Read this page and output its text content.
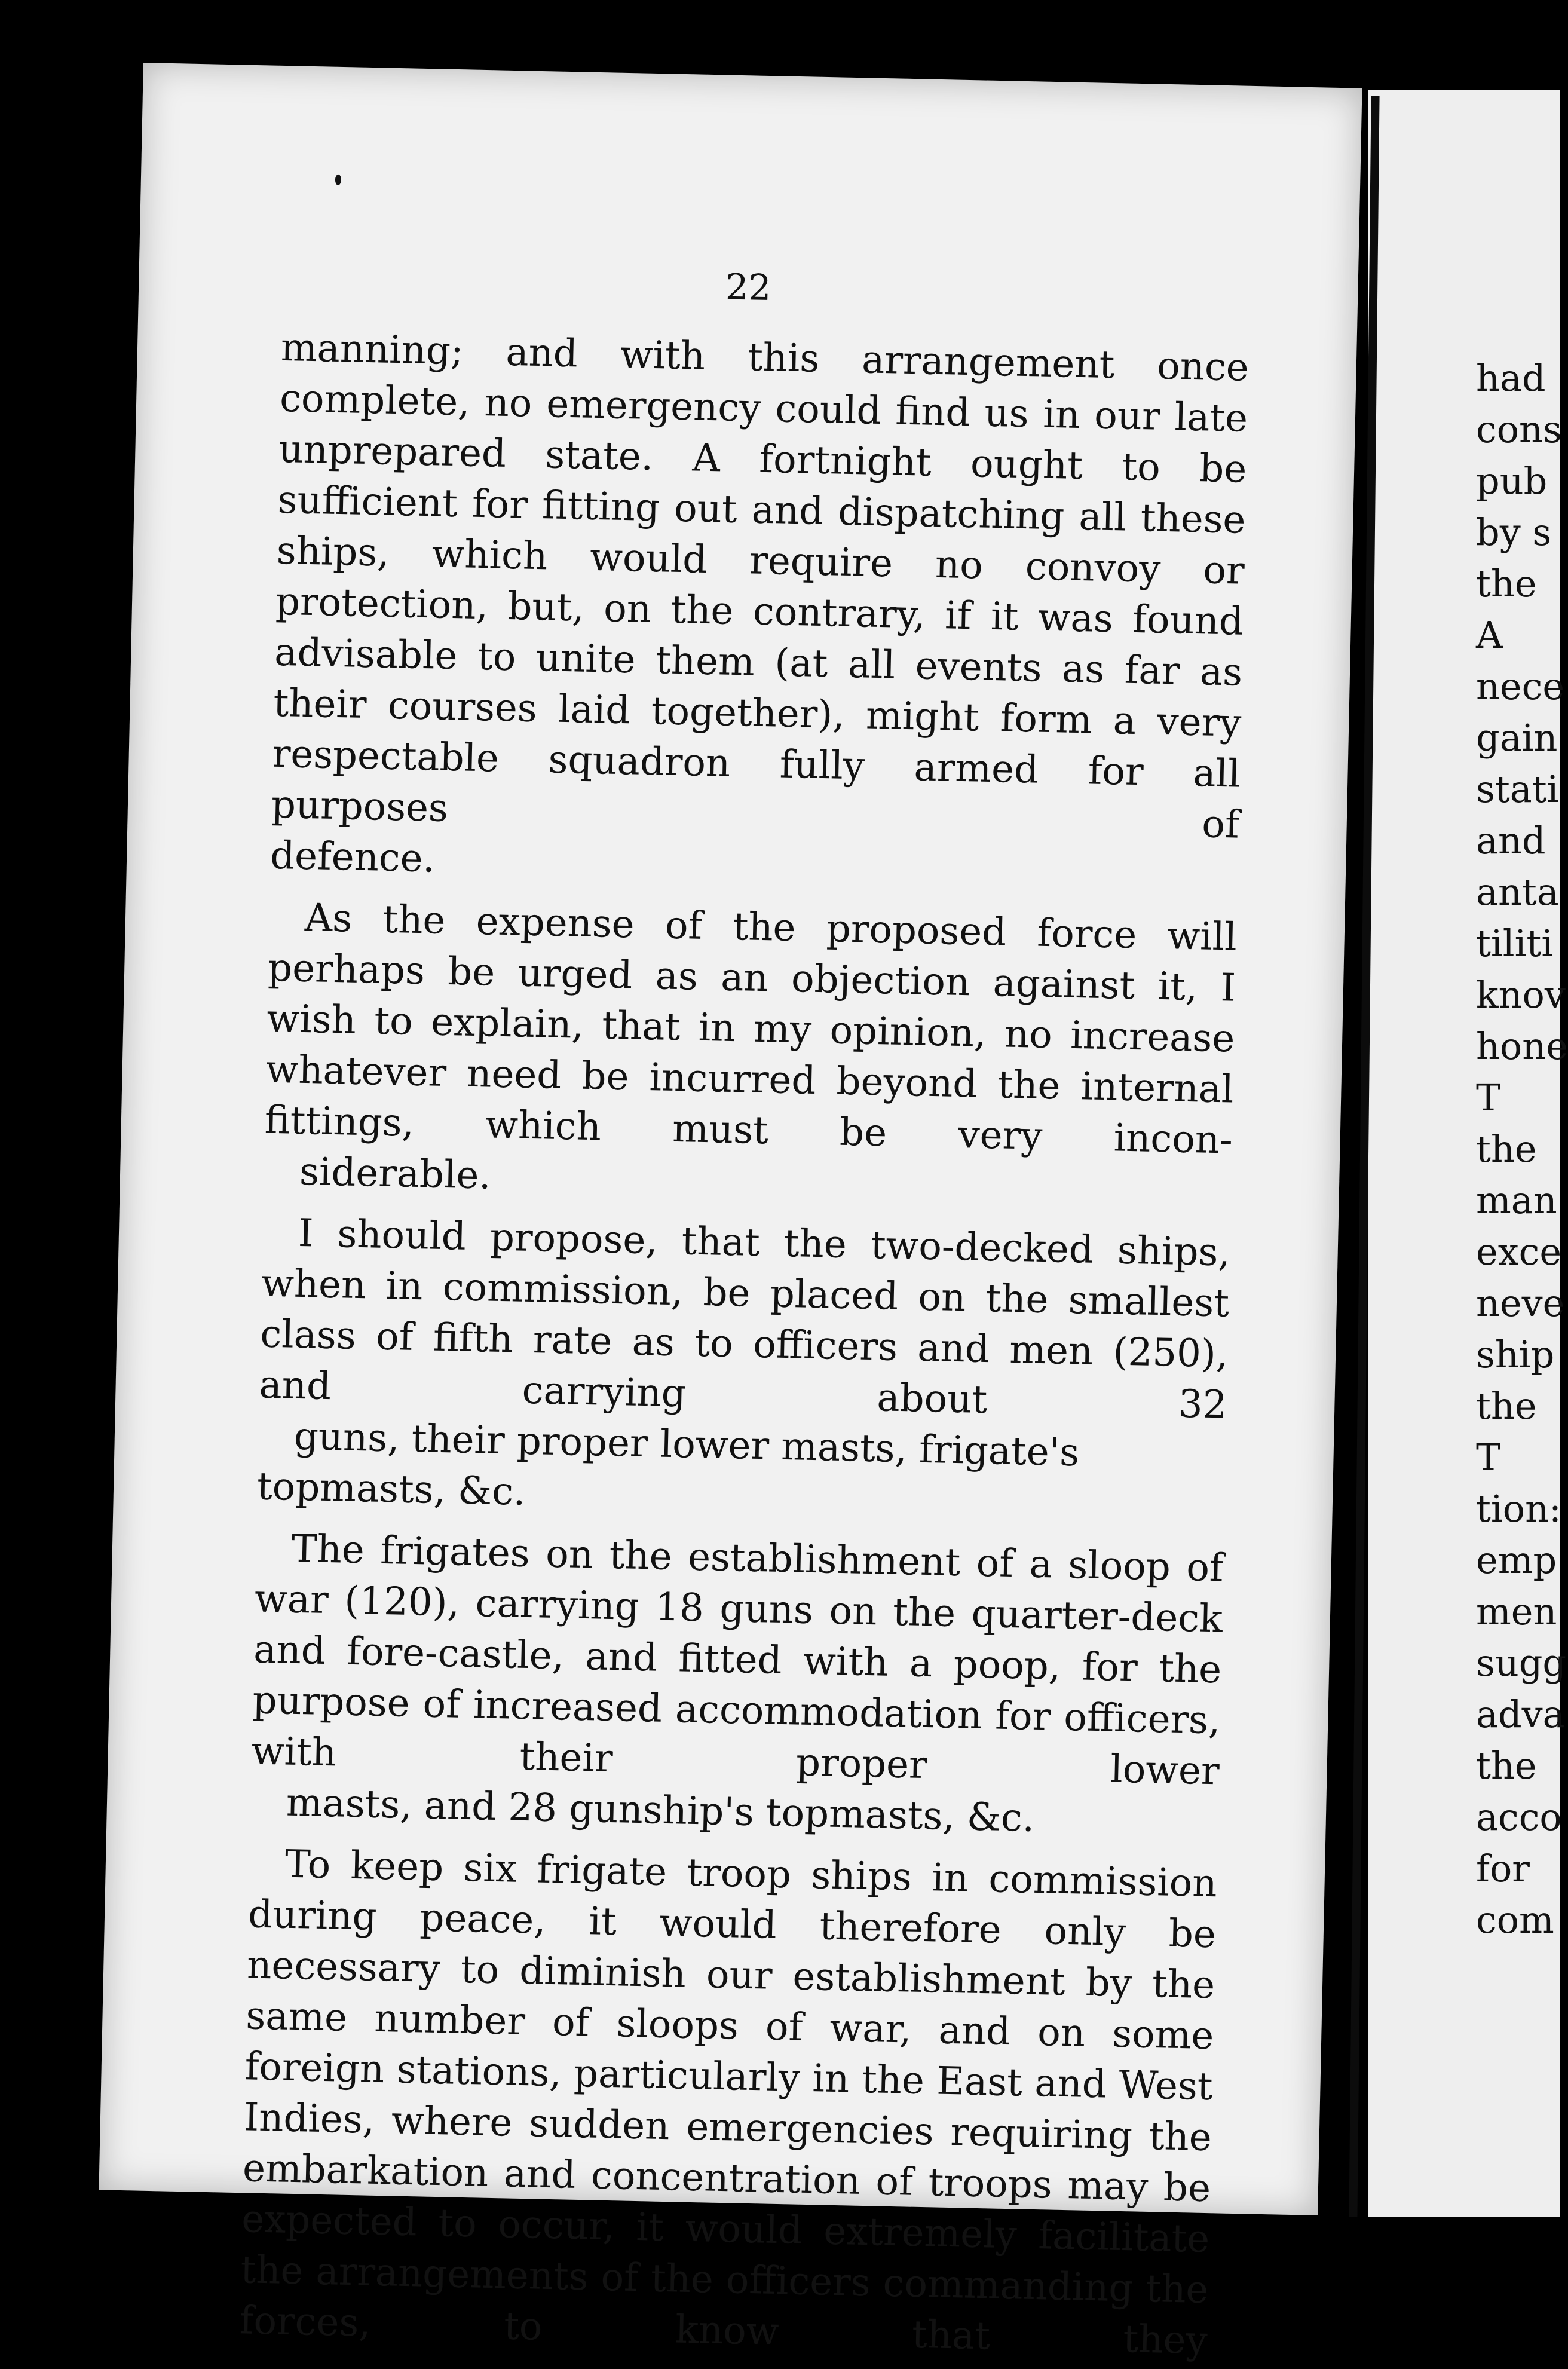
22

manning; and with this arrangement once complete, no emergency could find us in our late unprepared state. A fortnight ought to be sufficient for fitting out and dispatching all these ships, which would require no convoy or protection, but, on the contrary, if it was found advisable to unite them (at all events as far as their courses laid together), might form a very respectable squadron fully armed for all purposes of
defence.

As the expense of the proposed force will perhaps be urged as an objection against it, I wish to explain, that in my opinion, no increase whatever need be incurred beyond the internal fittings, which must be very incon-
siderable.

I should propose, that the two-decked ships, when in commission, be placed on the smallest class of fifth rate as to officers and men (250), and carrying about 32
guns, their proper lower masts, frigate's topmasts, &c.

The frigates on the establishment of a sloop of war (120), carrying 18 guns on the quarter-deck and fore-castle, and fitted with a poop, for the purpose of increased accommodation for officers, with their proper lower
masts, and 28 gunship's topmasts, &c.

To keep six frigate troop ships in commission during peace, it would therefore only be necessary to diminish our establishment by the same number of sloops of war, and on some foreign stations, particularly in the East and West Indies, where sudden emergencies requiring the embarkation and concentration of troops may be expected to occur, it would extremely facilitate the arrangements of the officers commanding the forces, to know that they

had
cons
pub
by s
the
A
nece
gain
stati
and
anta
tiliti
knov
hone
T
the
man
exce
neve
ship
the
T
tion:
emp
men
sugg
adva
the
acco
for
com
